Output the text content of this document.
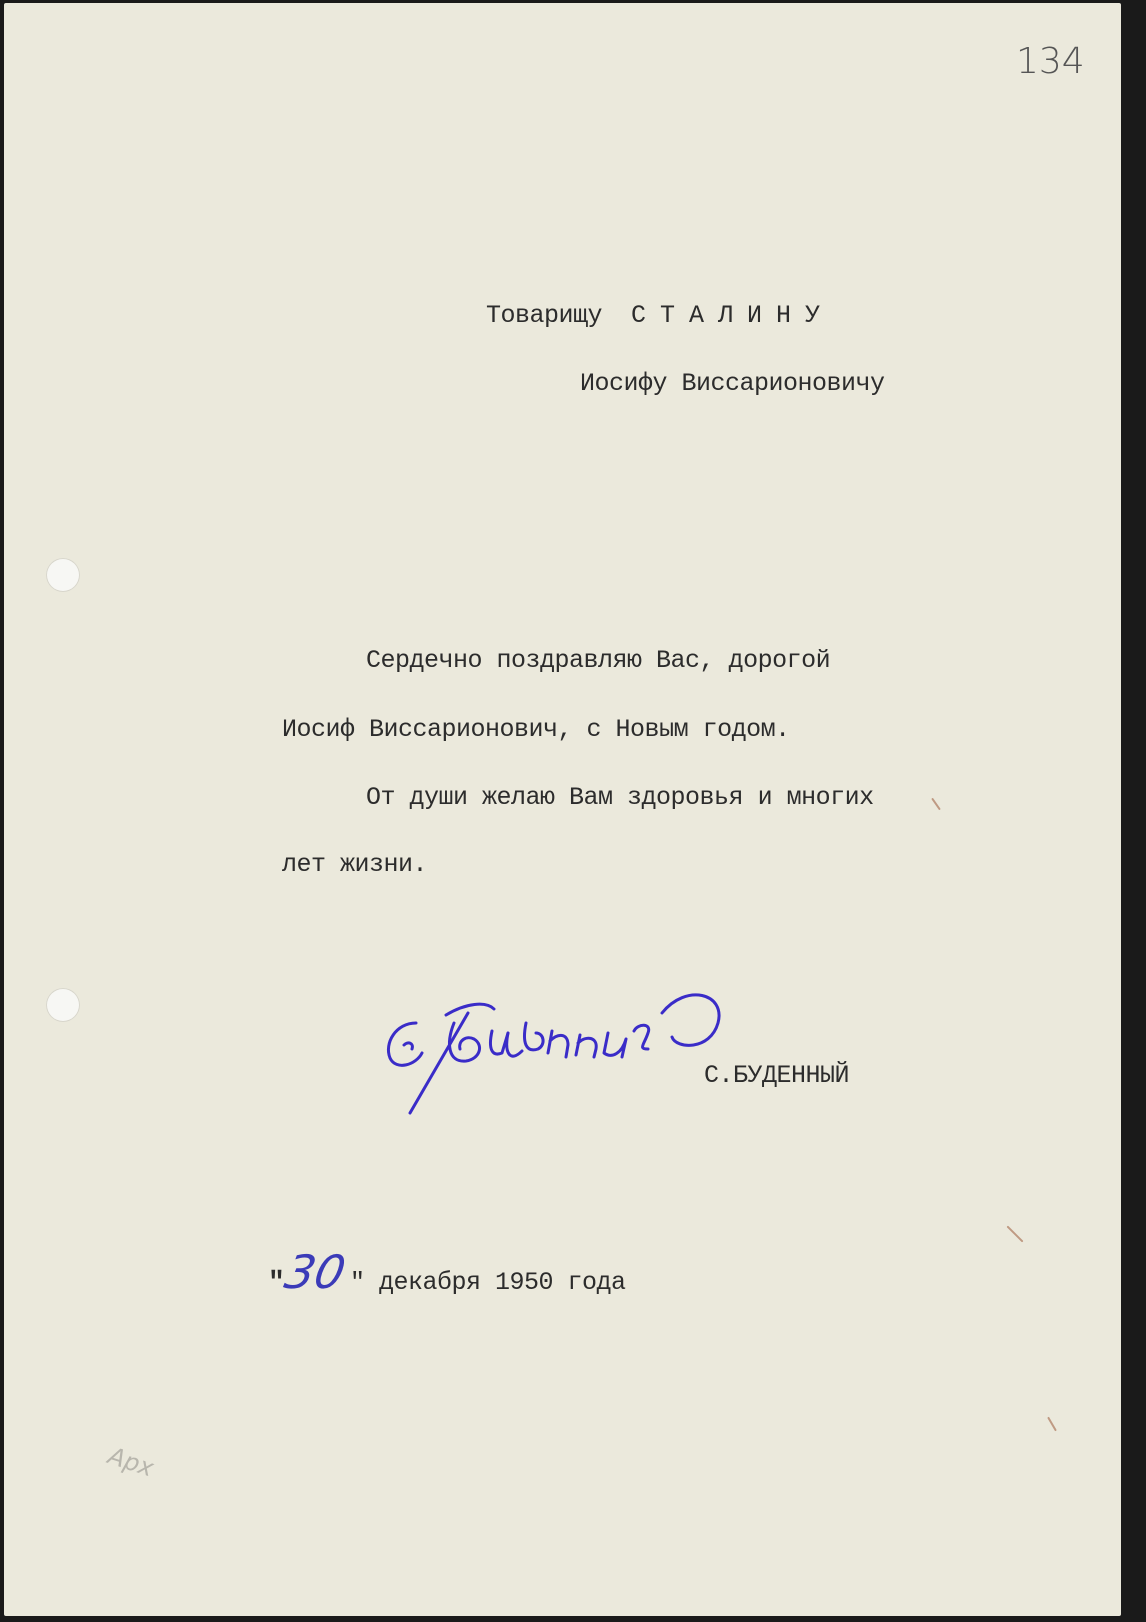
134
Товарищу  С Т А Л И Н У
Иосифу Виссарионовичу
Сердечно поздравляю Вас, дорогой
Иосиф Виссарионович, с Новым годом.
От души желаю Вам здоровья и многих
лет жизни.
С.БУДЕННЫЙ
"
30 " декабря 1950 года
Арх
